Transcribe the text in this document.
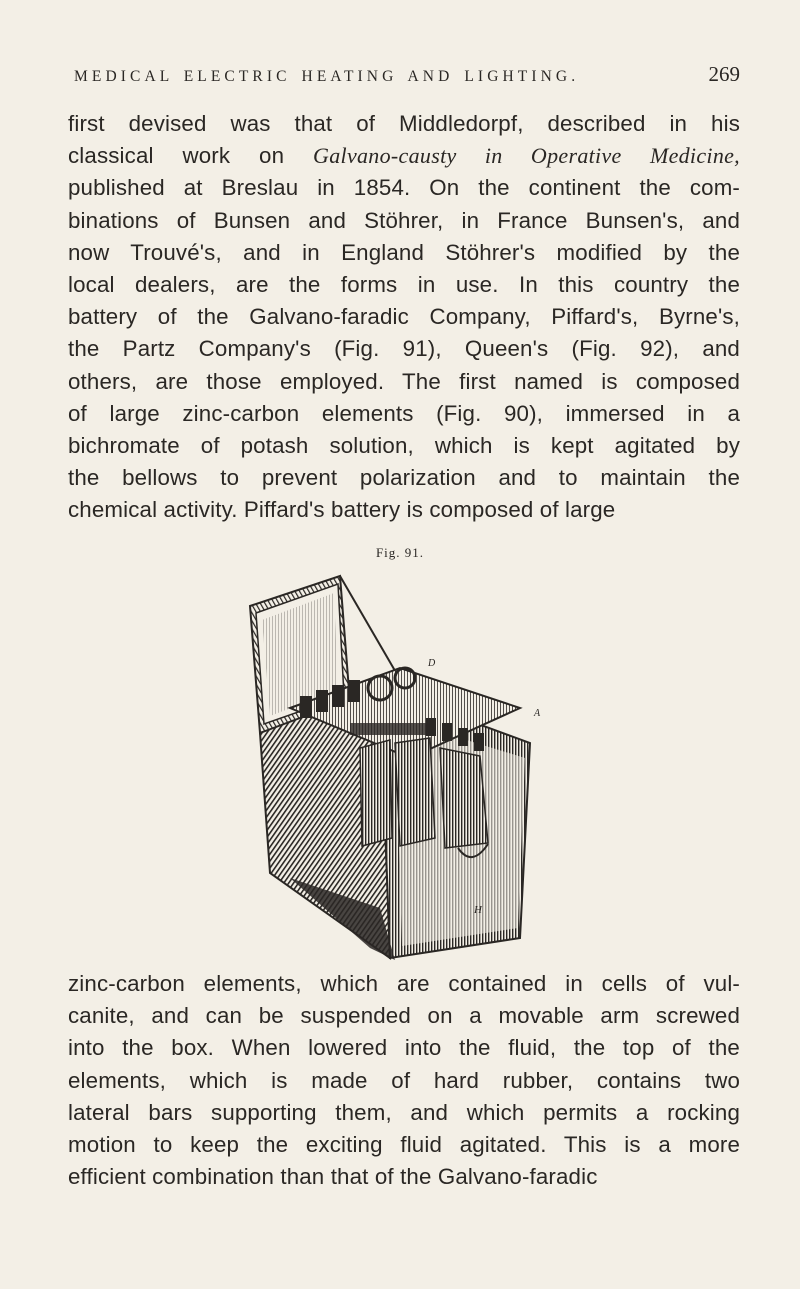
MEDICAL ELECTRIC HEATING AND LIGHTING.	269

first devised was that of Middledorpf, described in his
classical work on Galvano-causty in Operative Medicine,
published at Breslau in 1854. On the continent the com-
binations of Bunsen and Stöhrer, in France Bunsen's, and
now Trouvé's, and in England Stöhrer's modified by the
local dealers, are the forms in use. In this country the
battery of the Galvano-faradic Company, Piffard's, Byrne's,
the Partz Company's (Fig. 91), Queen's (Fig. 92), and
others, are those employed. The first named is composed
of large zinc-carbon elements (Fig. 90), immersed in a
bichromate of potash solution, which is kept agitated by
the bellows to prevent polarization and to maintain the
chemical activity. Piffard's battery is composed of large

Fig. 91.
D
A
H

zinc-carbon elements, which are contained in cells of vul-
canite, and can be suspended on a movable arm screwed
into the box. When lowered into the fluid, the top of the
elements, which is made of hard rubber, contains two
lateral bars supporting them, and which permits a rocking
motion to keep the exciting fluid agitated. This is a more
efficient combination than that of the Galvano-faradic
